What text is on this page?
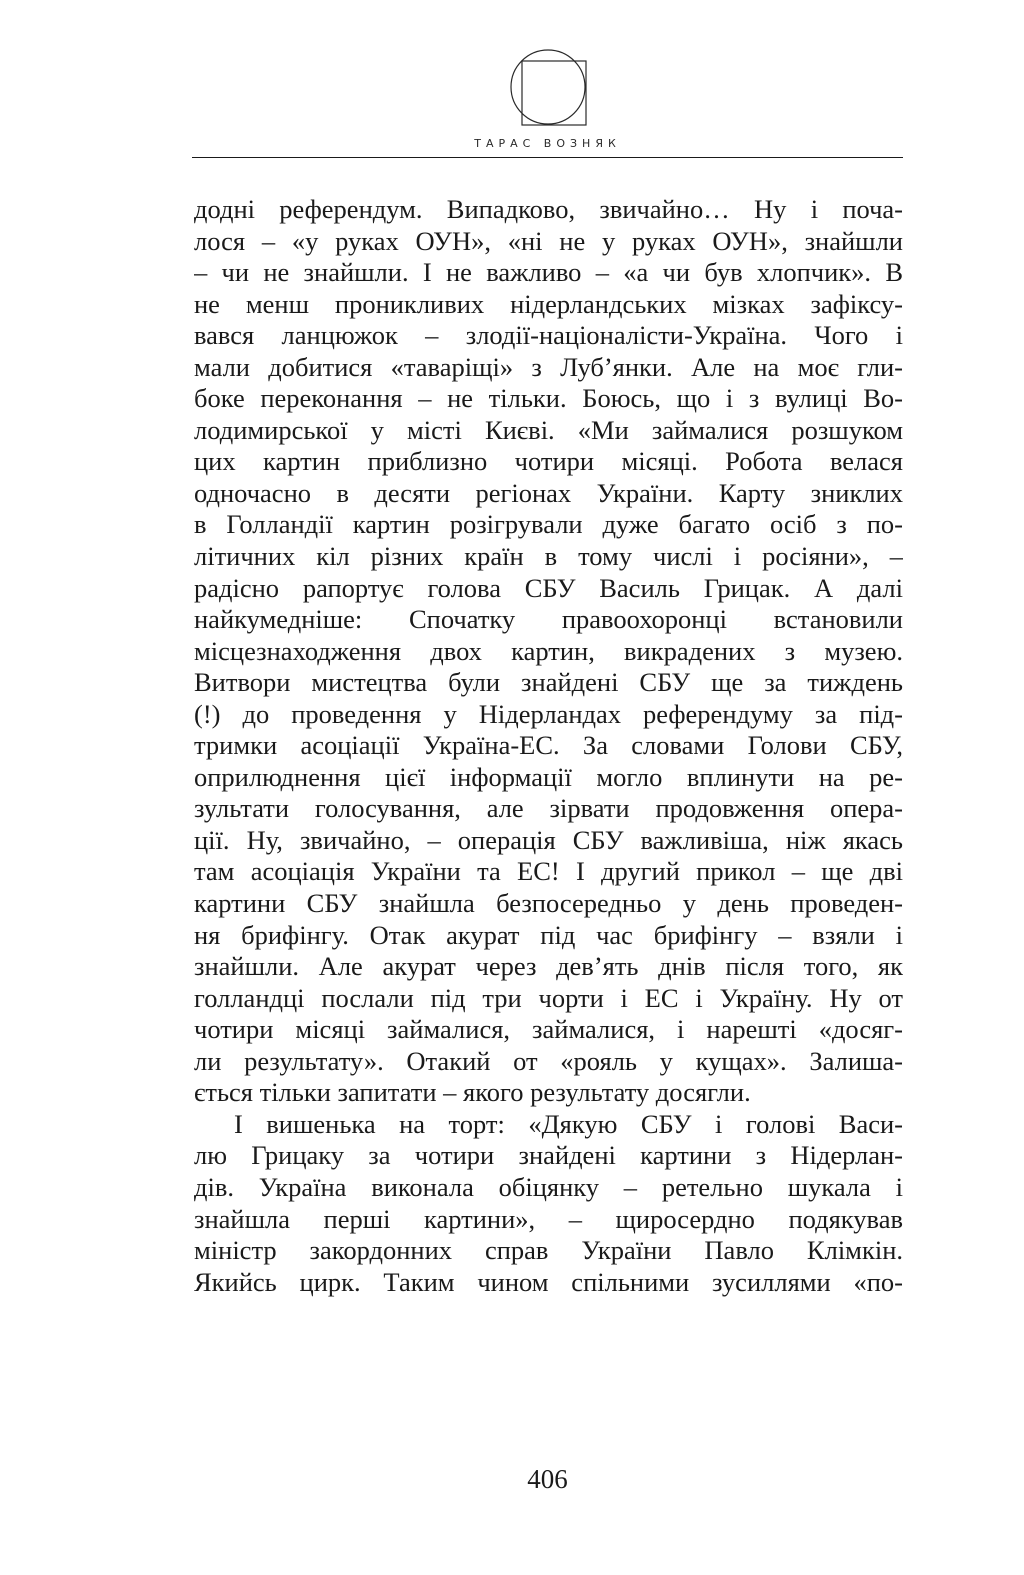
ТАРАС ВОЗНЯК
додні референдум. Випадково, звичайно… Ну і поча-
лося – «у руках ОУН», «ні не у руках ОУН», знайшли
– чи не знайшли. І не важливо – «а чи був хлопчик». В
не менш проникливих нідерландських мізках зафіксу-
вався ланцюжок – злодії-націоналісти-Україна. Чого і
мали добитися «таваріщі» з Луб’янки. Але на моє гли-
боке переконання – не тільки. Боюсь, що і з вулиці Во-
лодимирської у місті Києві. «Ми займалися розшуком
цих картин приблизно чотири місяці. Робота велася
одночасно в десяти регіонах України. Карту зниклих
в Голландії картин розігрували дуже багато осіб з по-
літичних кіл різних країн в тому числі і росіяни», –
радісно рапортує голова СБУ Василь Грицак. А далі
найкумедніше: Спочатку правоохоронці встановили
місцезнаходження двох картин, викрадених з музею.
Витвори мистецтва були знайдені СБУ ще за тиждень
(!) до проведення у Нідерландах референдуму за під-
тримки асоціації Україна-ЕС. За словами Голови СБУ,
оприлюднення цієї інформації могло вплинути на ре-
зультати голосування, але зірвати продовження опера-
ції. Ну, звичайно, – операція СБУ важливіша, ніж якась
там асоціація України та ЕС! І другий прикол – ще дві
картини СБУ знайшла безпосередньо у день проведен-
ня брифінгу. Отак акурат під час брифінгу – взяли і
знайшли. Але акурат через дев’ять днів після того, як
голландці послали під три чорти і ЕС і Україну. Ну от
чотири місяці займалися, займалися, і нарешті «досяг-
ли результату». Отакий от «рояль у кущах». Залиша-
ється тільки запитати – якого результату досягли.
І вишенька на торт: «Дякую СБУ і голові Васи-
лю Грицаку за чотири знайдені картини з Нідерлан-
дів. Україна виконала обіцянку – ретельно шукала і
знайшла перші картини», – щиросердно подякував
міністр закордонних справ України Павло Клімкін.
Якийсь цирк. Таким чином спільними зусиллями «по-
406
